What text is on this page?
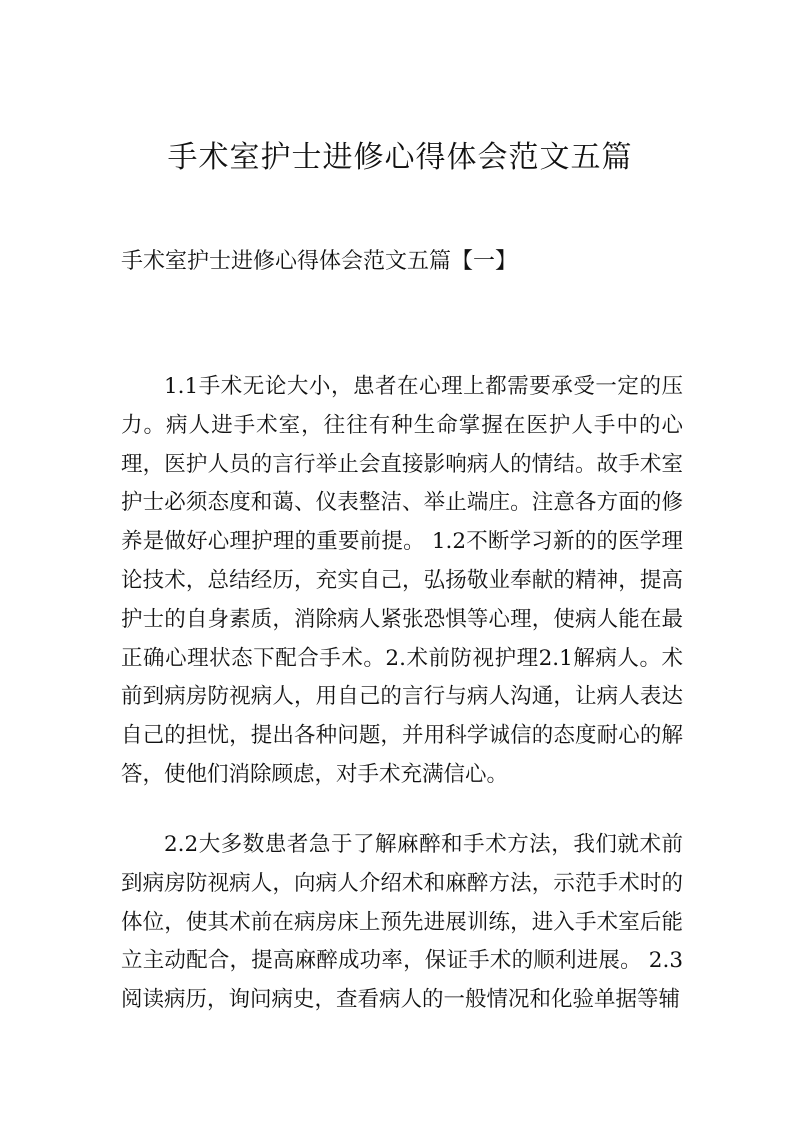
手术室护士进修心得体会范文五篇
手术室护士进修心得体会范文五篇【一】

1.1手术无论大小，患者在心理上都需要承受一定的压力。病人进手术室，往往有种生命掌握在医护人手中的心理，医护人员的言行举止会直接影响病人的情结。故手术室护士必须态度和蔼、仪表整洁、举止端庄。注意各方面的修养是做好心理护理的重要前提。 1.2不断学习新的的医学理论技术，总结经历，充实自己，弘扬敬业奉献的精神，提高护士的自身素质，消除病人紧张恐惧等心理，使病人能在最正确心理状态下配合手术。2.术前防视护理2.1解病人。术前到病房防视病人，用自己的言行与病人沟通，让病人表达自己的担忧，提出各种问题，并用科学诚信的态度耐心的解答，使他们消除顾虑，对手术充满信心。

2.2大多数患者急于了解麻醉和手术方法，我们就术前到病房防视病人，向病人介绍术和麻醉方法，示范手术时的体位，使其术前在病房床上预先进展训练，进入手术室后能立主动配合，提高麻醉成功率，保证手术的顺利进展。 2.3阅读病历，询问病史，查看病人的一般情况和化验单据等辅
